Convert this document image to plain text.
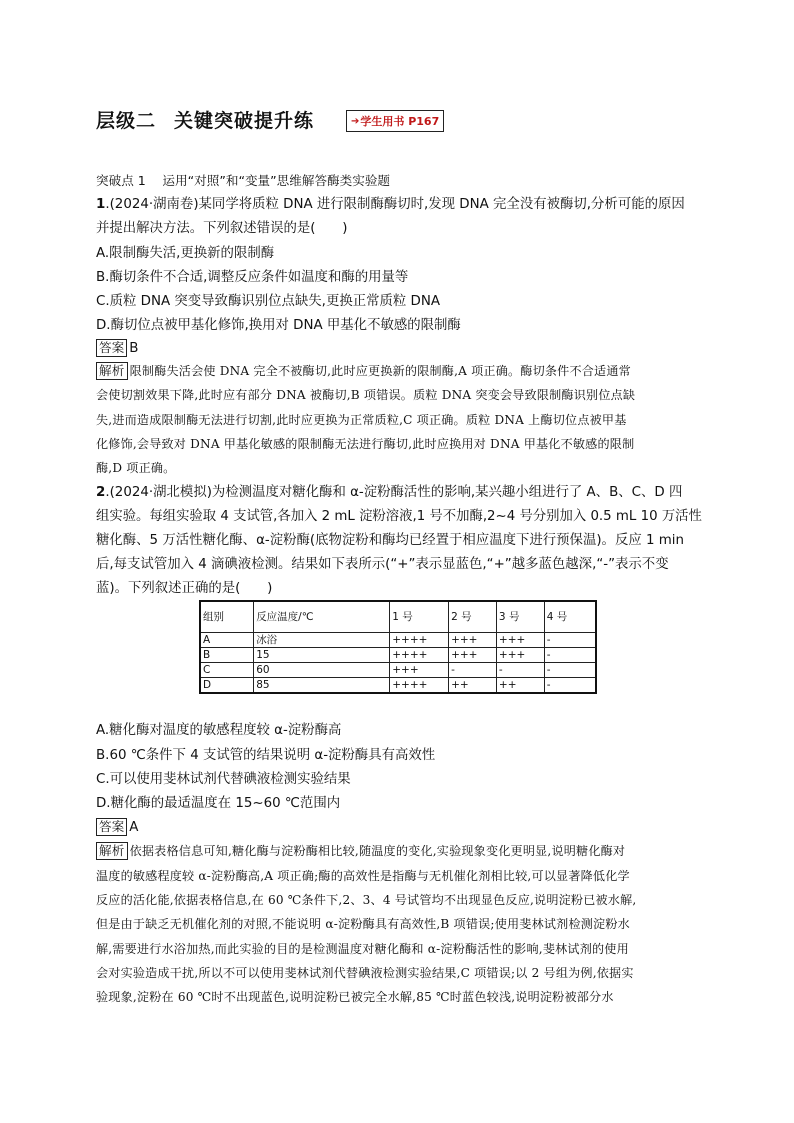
层级二 关键突破提升练	➔ 学生用书 P167
突破点 1　 运用“对照”和“变量”思维解答酶类实验题
1.(2024·湖南卷)某同学将质粒 DNA 进行限制酶酶切时,发现 DNA 完全没有被酶切,分析可能的原因
并提出解决方法。下列叙述错误的是(　　)
A.限制酶失活,更换新的限制酶
B.酶切条件不合适,调整反应条件如温度和酶的用量等
C.质粒 DNA 突变导致酶识别位点缺失,更换正常质粒 DNA
D.酶切位点被甲基化修饰,换用对 DNA 甲基化不敏感的限制酶
答案 B
解析 限制酶失活会使 DNA 完全不被酶切,此时应更换新的限制酶,A 项正确。酶切条件不合适通常
会使切割效果下降,此时应有部分 DNA 被酶切,B 项错误。质粒 DNA 突变会导致限制酶识别位点缺
失,进而造成限制酶无法进行切割,此时应更换为正常质粒,C 项正确。质粒 DNA 上酶切位点被甲基
化修饰,会导致对 DNA 甲基化敏感的限制酶无法进行酶切,此时应换用对 DNA 甲基化不敏感的限制
酶,D 项正确。
2.(2024·湖北模拟)为检测温度对糖化酶和 α-淀粉酶活性的影响,某兴趣小组进行了 A、B、C、D 四
组实验。每组实验取 4 支试管,各加入 2 mL 淀粉溶液,1 号不加酶,2~4 号分别加入 0.5 mL 10 万活性
糖化酶、5 万活性糖化酶、α-淀粉酶(底物淀粉和酶均已经置于相应温度下进行预保温)。反应 1 min
后,每支试管加入 4 滴碘液检测。结果如下表所示(“+”表示显蓝色,“+”越多蓝色越深,“-”表示不变
蓝)。下列叙述正确的是(　　)
组别	反应温度/℃	1 号	2 号	3 号	4 号
A	冰浴	++++	+++	+++	-
B	15	++++	+++	+++	-
C	60	+++	-	-	-
D	85	++++	++	++	-
A.糖化酶对温度的敏感程度较 α-淀粉酶高
B.60 ℃条件下 4 支试管的结果说明 α-淀粉酶具有高效性
C.可以使用斐林试剂代替碘液检测实验结果
D.糖化酶的最适温度在 15~60 ℃范围内
答案 A
解析 依据表格信息可知,糖化酶与淀粉酶相比较,随温度的变化,实验现象变化更明显,说明糖化酶对
温度的敏感程度较 α-淀粉酶高,A 项正确;酶的高效性是指酶与无机催化剂相比较,可以显著降低化学
反应的活化能,依据表格信息,在 60 ℃条件下,2、3、4 号试管均不出现显色反应,说明淀粉已被水解,
但是由于缺乏无机催化剂的对照,不能说明 α-淀粉酶具有高效性,B 项错误;使用斐林试剂检测淀粉水
解,需要进行水浴加热,而此实验的目的是检测温度对糖化酶和 α-淀粉酶活性的影响,斐林试剂的使用
会对实验造成干扰,所以不可以使用斐林试剂代替碘液检测实验结果,C 项错误;以 2 号组为例,依据实
验现象,淀粉在 60 ℃时不出现蓝色,说明淀粉已被完全水解,85 ℃时蓝色较浅,说明淀粉被部分水
